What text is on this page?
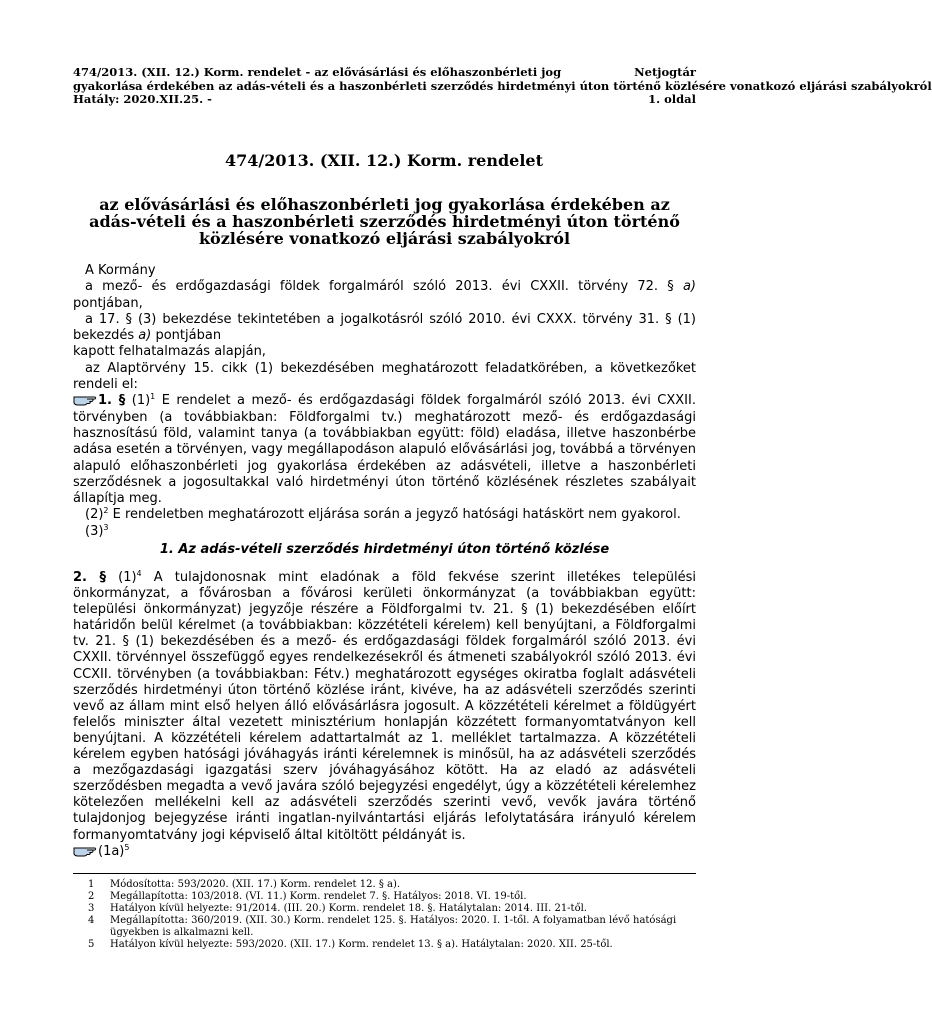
474/2013. (XII. 12.) Korm. rendelet - az elővásárlási és előhaszonbérleti jog	Netjogtár
gyakorlása érdekében az adás-vételi és a haszonbérleti szerződés hirdetményi úton történő közlésére vonatkozó eljárási szabályokról
Hatály: 2020.XII.25. -	1. oldal
474/2013. (XII. 12.) Korm. rendelet
az elővásárlási és előhaszonbérleti jog gyakorlása érdekében az adás-vételi és a haszonbérleti szerződés hirdetményi úton történő közlésére vonatkozó eljárási szabályokról

A Kormány

a mező- és erdőgazdasági földek forgalmáról szóló 2013. évi CXXII. törvény 72. § a) pontjában,

a 17. § (3) bekezdése tekintetében a jogalkotásról szóló 2010. évi CXXX. törvény 31. § (1) bekezdés a) pontjában

kapott felhatalmazás alapján,

az Alaptörvény 15. cikk (1) bekezdésében meghatározott feladatkörében, a következőket rendeli el:

1. § $(1)^1$ E rendelet a mező- és erdőgazdasági földek forgalmáról szóló 2013. évi CXXII. törvényben (a továbbiakban: Földforgalmi tv.) meghatározott mező- és erdőgazdasági hasznosítású föld, valamint tanya (a továbbiakban együtt: föld) eladása, illetve haszonbérbe adása esetén a törvényen, vagy megállapodáson alapuló elővásárlási jog, továbbá a törvényen alapuló előhaszonbérleti jog gyakorlása érdekében az adásvételi, illetve a haszonbérleti szerződésnek a jogosultakkal való hirdetményi úton történő közlésének részletes szabályait állapítja meg.

$(2)^2$ E rendeletben meghatározott eljárása során a jegyző hatósági hatáskört nem gyakorol.

$(3)^3$

1. Az adás-vételi szerződés hirdetményi úton történő közlése

2. § $(1)^4$ A tulajdonosnak mint eladónak a föld fekvése szerint illetékes települési önkormányzat, a fővárosban a fővárosi kerületi önkormányzat (a továbbiakban együtt: települési önkormányzat) jegyzője részére a Földforgalmi tv. 21. § (1) bekezdésében előírt határidőn belül kérelmet (a továbbiakban: közzétételi kérelem) kell benyújtani, a Földforgalmi tv. 21. § (1) bekezdésében és a mező- és erdőgazdasági földek forgalmáról szóló 2013. évi CXXII. törvénnyel összefüggő egyes rendelkezésekről és átmeneti szabályokról szóló 2013. évi CCXII. törvényben (a továbbiakban: Fétv.) meghatározott egységes okiratba foglalt adásvételi szerződés hirdetményi úton történő közlése iránt, kivéve, ha az adásvételi szerződés szerinti vevő az állam mint első helyen álló elővásárlásra jogosult. A közzétételi kérelmet a földügyért felelős miniszter által vezetett minisztérium honlapján közzétett formanyomtatványon kell benyújtani. A közzétételi kérelem adattartalmát az 1. melléklet tartalmazza. A közzétételi kérelem egyben hatósági jóváhagyás iránti kérelemnek is minősül, ha az adásvételi szerződés a mezőgazdasági igazgatási szerv jóváhagyásához kötött. Ha az eladó az adásvételi szerződésben megadta a vevő javára szóló bejegyzési engedélyt, úgy a közzétételi kérelemhez kötelezően mellékelni kell az adásvételi szerződés szerinti vevő, vevők javára történő tulajdonjog bejegyzése iránti ingatlan-nyilvántartási eljárás lefolytatására irányuló kérelem formanyomtatvány jogi képviselő által kitöltött példányát is.

$(1a)^5$

1 Módosította: 593/2020. (XII. 17.) Korm. rendelet 12. § a).
2 Megállapította: 103/2018. (VI. 11.) Korm. rendelet 7. §. Hatályos: 2018. VI. 19-től.
3 Hatályon kívül helyezte: 91/2014. (III. 20.) Korm. rendelet 18. §. Hatálytalan: 2014. III. 21-től.
4 Megállapította: 360/2019. (XII. 30.) Korm. rendelet 125. §. Hatályos: 2020. I. 1-től. A folyamatban lévő hatósági ügyekben is alkalmazni kell.
5 Hatályon kívül helyezte: 593/2020. (XII. 17.) Korm. rendelet 13. § a). Hatálytalan: 2020. XII. 25-től.
